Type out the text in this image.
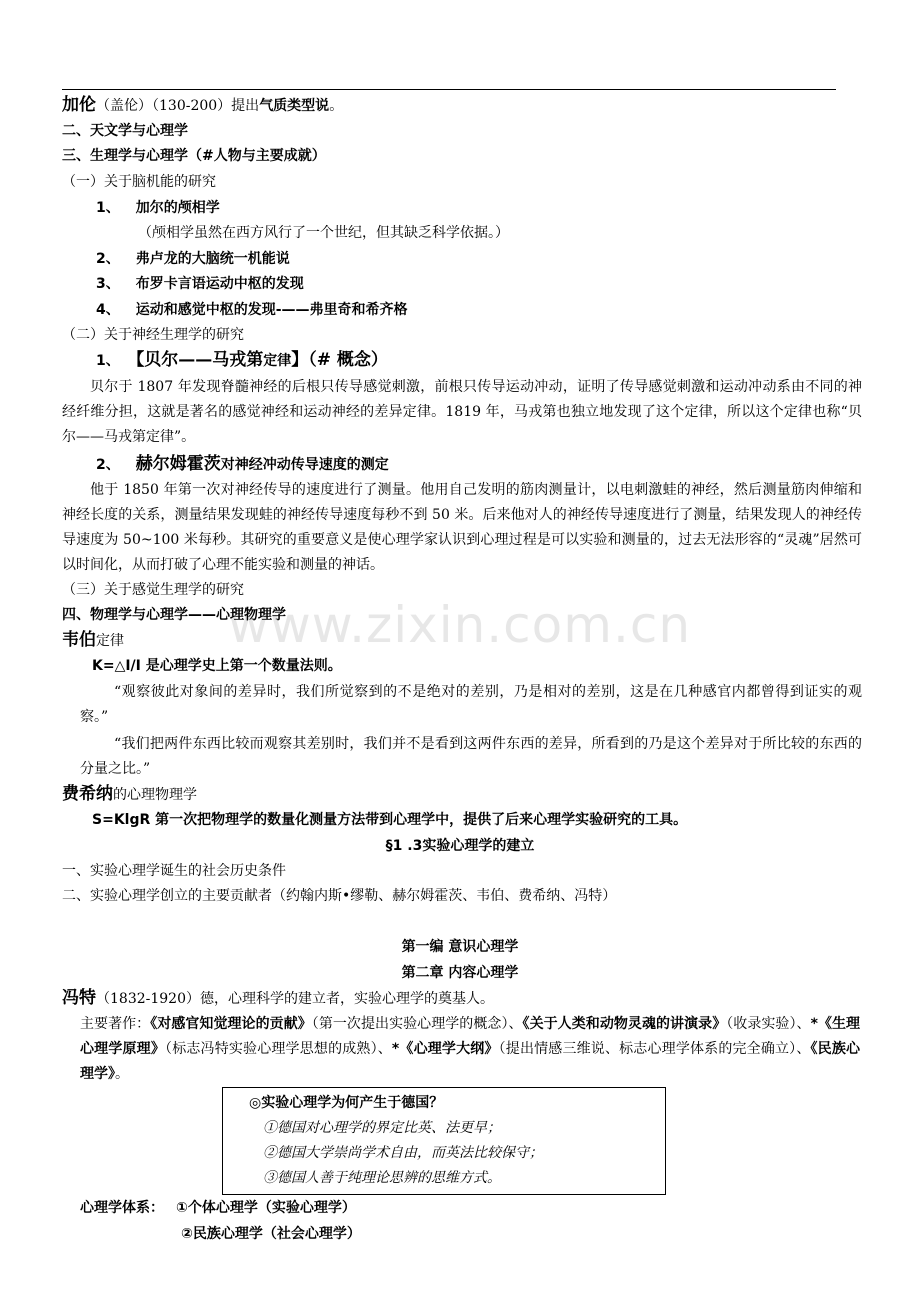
www.zixin.com.cn
加伦（盖伦）（130-200）提出气质类型说。
二、天文学与心理学
三、生理学与心理学（#人物与主要成就）
（一）关于脑机能的研究
1、 加尔的颅相学
（颅相学虽然在西方风行了一个世纪，但其缺乏科学依据。）
2、 弗卢龙的大脑统一机能说
3、 布罗卡言语运动中枢的发现
4、 运动和感觉中枢的发现-——弗里奇和希齐格
（二）关于神经生理学的研究
1、 【贝尔——马戎第定律】（# 概念）
贝尔于 1807 年发现脊髓神经的后根只传导感觉刺激，前根只传导运动冲动，证明了传导感觉刺激和运动冲动系由不同的神经纤维分担，这就是著名的感觉神经和运动神经的差异定律。1819 年，马戎第也独立地发现了这个定律，所以这个定律也称“贝尔——马戎第定律”。
2、 赫尔姆霍茨对神经冲动传导速度的测定
他于 1850 年第一次对神经传导的速度进行了测量。他用自己发明的筋肉测量计，以电刺激蛙的神经，然后测量筋肉伸缩和神经长度的关系，测量结果发现蛙的神经传导速度每秒不到 50 米。后来他对人的神经传导速度进行了测量，结果发现人的神经传导速度为 50~100 米每秒。其研究的重要意义是使心理学家认识到心理过程是可以实验和测量的，过去无法形容的“灵魂”居然可以时间化，从而打破了心理不能实验和测量的神话。
（三）关于感觉生理学的研究
四、物理学与心理学——心理物理学
韦伯定律
K=△I/I 是心理学史上第一个数量法则。
“观察彼此对象间的差异时，我们所觉察到的不是绝对的差别，乃是相对的差别，这是在几种感官内都曾得到证实的观察。”
“我们把两件东西比较而观察其差别时，我们并不是看到这两件东西的差异，所看到的乃是这个差异对于所比较的东西的分量之比。”
费希纳的心理物理学
S=KlgR 第一次把物理学的数量化测量方法带到心理学中，提供了后来心理学实验研究的工具。
§1 .3实验心理学的建立
一、实验心理学诞生的社会历史条件
二、实验心理学创立的主要贡献者（约翰内斯•缪勒、赫尔姆霍茨、韦伯、费希纳、冯特）
第一编 意识心理学
第二章 内容心理学
冯特（1832-1920）德，心理科学的建立者，实验心理学的奠基人。
主要著作：《对感官知觉理论的贡献》（第一次提出实验心理学的概念）、《关于人类和动物灵魂的讲演录》（收录实验）、*《生理心理学原理》（标志冯特实验心理学思想的成熟）、*《心理学大纲》（提出情感三维说、标志心理学体系的完全确立）、《民族心理学》。
◎实验心理学为何产生于德国？
①德国对心理学的界定比英、法更早；
②德国大学崇尚学术自由，而英法比较保守；
③德国人善于纯理论思辨的思维方式。
心理学体系： ①个体心理学（实验心理学）
②民族心理学（社会心理学）
